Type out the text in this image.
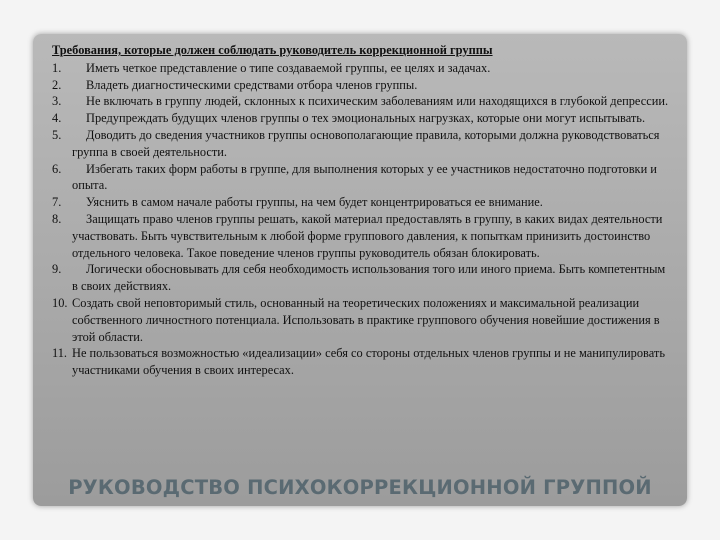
Требования, которые должен соблюдать руководитель коррекционной группы
1.	Иметь четкое представление о типе создаваемой группы, ее целях и задачах.
2.	Владеть диагностическими средствами отбора членов группы.
3.	Не включать в группу людей, склонных к психическим заболеваниям или находящихся в глубокой депрессии.
4.	Предупреждать будущих членов группы о тех эмоциональных нагрузках, которые они могут испытывать.
5.	Доводить до сведения участников группы основополагающие правила, которыми должна руководствоваться группа в своей деятельности.
6.	Избегать таких форм работы в группе, для выполнения которых у ее участников недостаточно подготовки и опыта.
7.	Уяснить в самом начале работы группы, на чем будет концентрироваться ее внимание.
8.	Защищать право членов группы решать, какой материал предоставлять в группу, в каких видах деятельности участвовать. Быть чувствительным к любой форме группового давления, к попыткам принизить достоинство отдельного человека. Такое поведение членов группы руководитель обязан блокировать.
9.	Логически обосновывать для себя необходимость использования того или иного приема. Быть компетентным в своих действиях.
10. Создать свой неповторимый стиль, основанный на теоретических положениях и максимальной реализации собственного личностного потенциала. Использовать в практике группового обучения новейшие достижения в этой области.
11. Не пользоваться возможностью «идеализации» себя со стороны отдельных членов группы и не манипулировать участниками обучения в своих интересах.
РУКОВОДСТВО ПСИХОКОРРЕКЦИОННОЙ ГРУППОЙ
